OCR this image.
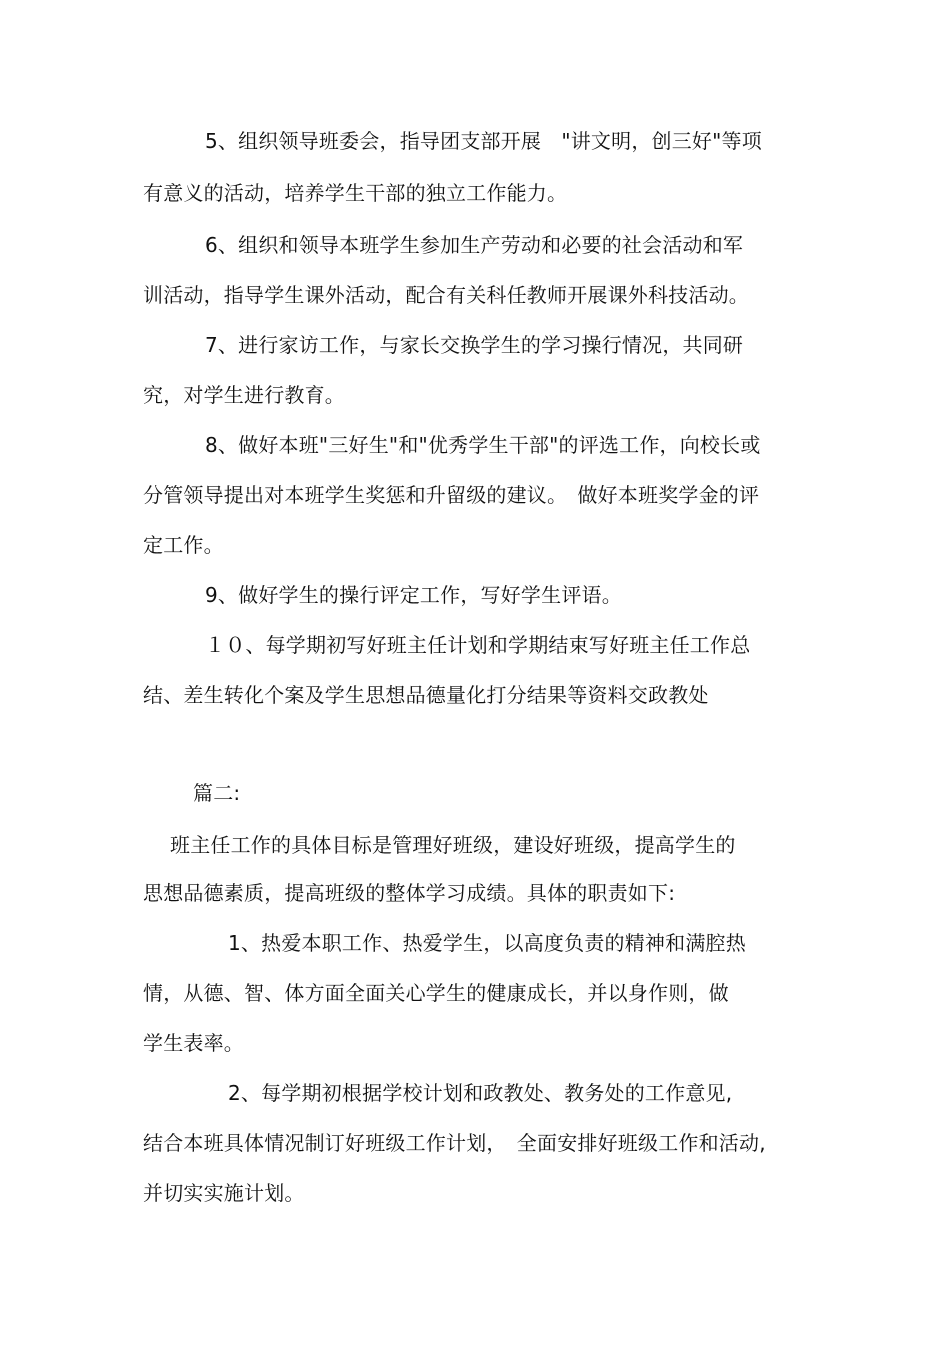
5、组织领导班委会，指导团支部开展　"讲文明，创三好"等项
有意义的活动，培养学生干部的独立工作能力。
6、组织和领导本班学生参加生产劳动和必要的社会活动和军
训活动，指导学生课外活动，配合有关科任教师开展课外科技活动。
7、进行家访工作，与家长交换学生的学习操行情况，共同研
究，对学生进行教育。
8、做好本班"三好生"和"优秀学生干部"的评选工作，向校长或
分管领导提出对本班学生奖惩和升留级的建议。　做好本班奖学金的评
定工作。
9、做好学生的操行评定工作，写好学生评语。
１０、每学期初写好班主任计划和学期结束写好班主任工作总
结、差生转化个案及学生思想品德量化打分结果等资料交政教处
篇二:
班主任工作的具体目标是管理好班级，建设好班级，提高学生的
思想品德素质，提高班级的整体学习成绩。具体的职责如下:
1、热爱本职工作、热爱学生，以高度负责的精神和满腔热
情，从德、智、体方面全面关心学生的健康成长，并以身作则，做
学生表率。
2、每学期初根据学校计划和政教处、教务处的工作意见,
结合本班具体情况制订好班级工作计划，　全面安排好班级工作和活动,
并切实实施计划。
